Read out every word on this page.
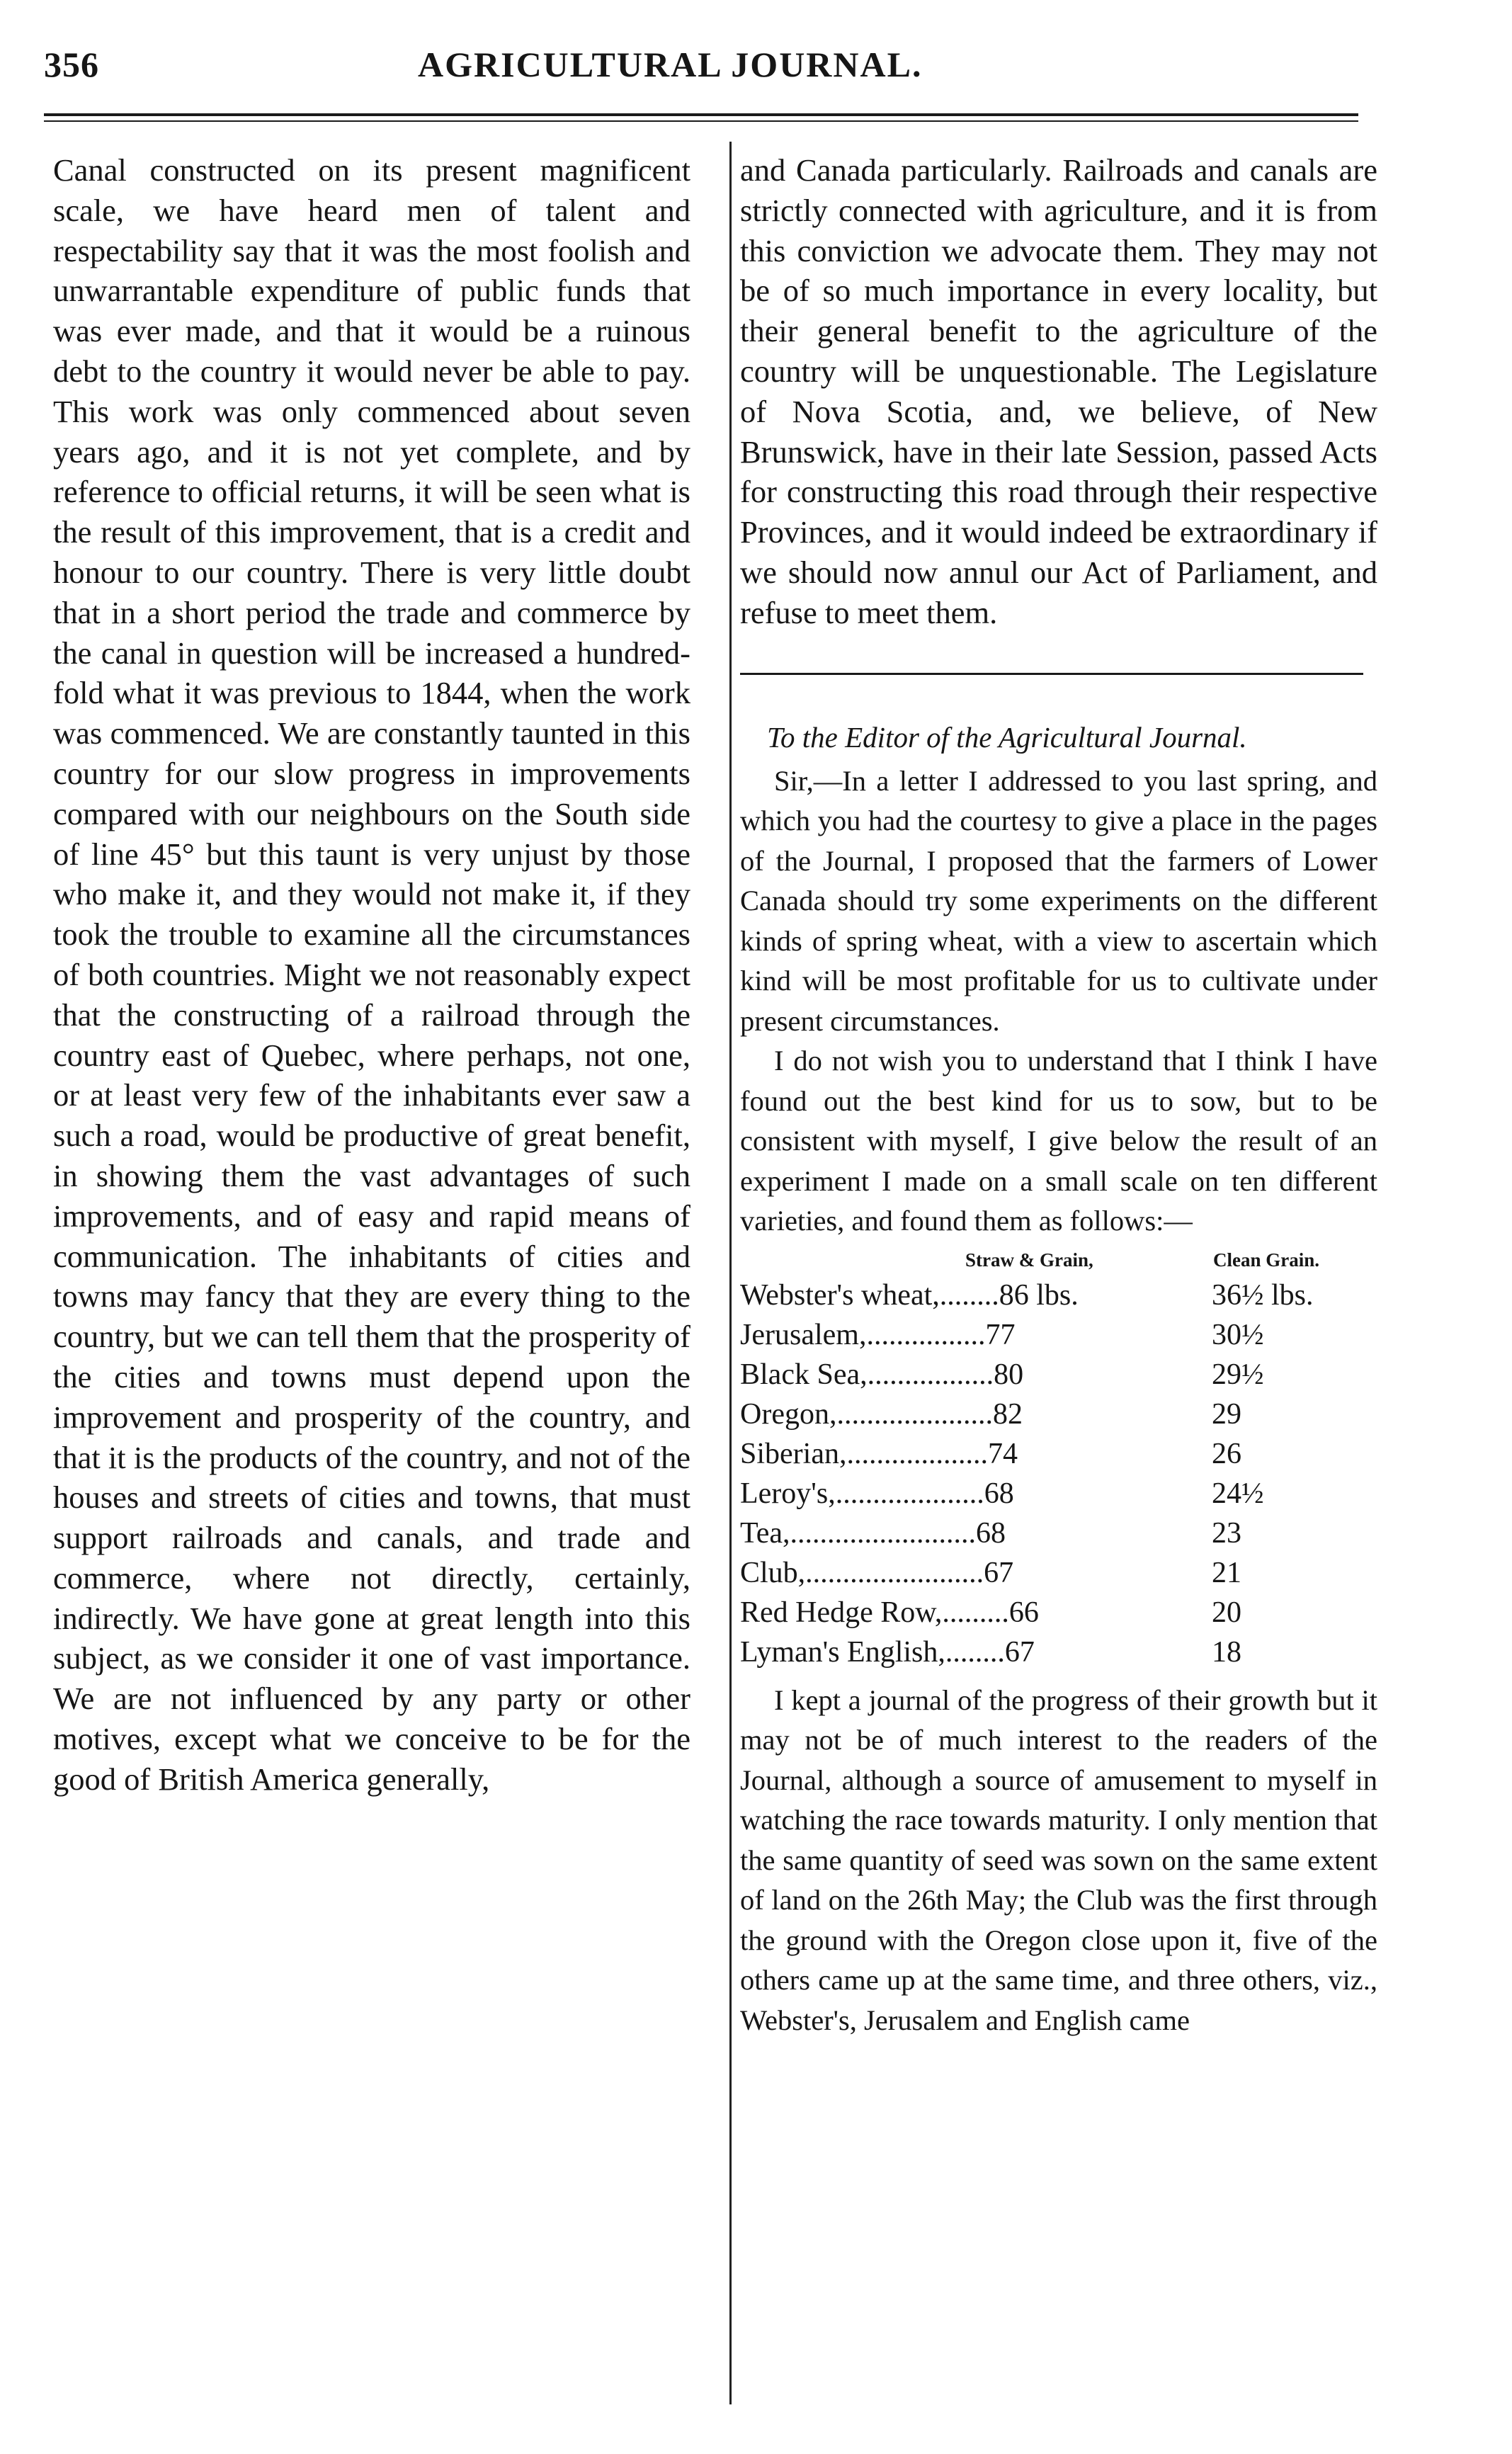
356	AGRICULTURAL JOURNAL.

Canal constructed on its present magnificent scale, we have heard men of talent and respectability say that it was the most foolish and unwarrantable expenditure of public funds that was ever made, and that it would be a ruinous debt to the country it would never be able to pay. This work was only commenced about seven years ago, and it is not yet complete, and by reference to official returns, it will be seen what is the result of this improvement, that is a credit and honour to our country. There is very little doubt that in a short period the trade and commerce by the canal in question will be increased a hundred-fold what it was previous to 1844, when the work was commenced. We are constantly taunted in this country for our slow progress in improvements compared with our neighbours on the South side of line 45° but this taunt is very unjust by those who make it, and they would not make it, if they took the trouble to examine all the circumstances of both countries. Might we not reasonably expect that the constructing of a railroad through the country east of Quebec, where perhaps, not one, or at least very few of the inhabitants ever saw a such a road, would be productive of great benefit, in showing them the vast advantages of such improvements, and of easy and rapid means of communication. The inhabitants of cities and towns may fancy that they are every thing to the country, but we can tell them that the prosperity of the cities and towns must depend upon the improvement and prosperity of the country, and that it is the products of the country, and not of the houses and streets of cities and towns, that must support railroads and canals, and trade and commerce, where not directly, certainly, indirectly. We have gone at great length into this subject, as we consider it one of vast importance. We are not influenced by any party or other motives, except what we conceive to be for the good of British America generally,

and Canada particularly. Railroads and canals are strictly connected with agriculture, and it is from this conviction we advocate them. They may not be of so much importance in every locality, but their general benefit to the agriculture of the country will be unquestionable. The Legislature of Nova Scotia, and, we believe, of New Brunswick, have in their late Session, passed Acts for constructing this road through their respective Provinces, and it would indeed be extraordinary if we should now annul our Act of Parliament, and refuse to meet them.

To the Editor of the Agricultural Journal.

Sir,—In a letter I addressed to you last spring, and which you had the courtesy to give a place in the pages of the Journal, I proposed that the farmers of Lower Canada should try some experiments on the different kinds of spring wheat, with a view to ascertain which kind will be most profitable for us to cultivate under present circumstances.

I do not wish you to understand that I think I have found out the best kind for us to sow, but to be consistent with myself, I give below the result of an experiment I made on a small scale on ten different varieties, and found them as follows:—

Straw & Grain,	Clean Grain.
Webster's wheat,........86 lbs.	36½ lbs.
Jerusalem,................77	30½
Black Sea,.................80	29½
Oregon,.....................82	29
Siberian,...................74	26
Leroy's,....................68	24½
Tea,.........................68	23
Club,........................67	21
Red Hedge Row,.........66	20
Lyman's English,........67	18

I kept a journal of the progress of their growth but it may not be of much interest to the readers of the Journal, although a source of amusement to myself in watching the race towards maturity. I only mention that the same quantity of seed was sown on the same extent of land on the 26th May; the Club was the first through the ground with the Oregon close upon it, five of the others came up at the same time, and three others, viz., Webster's, Jerusalem and English came
